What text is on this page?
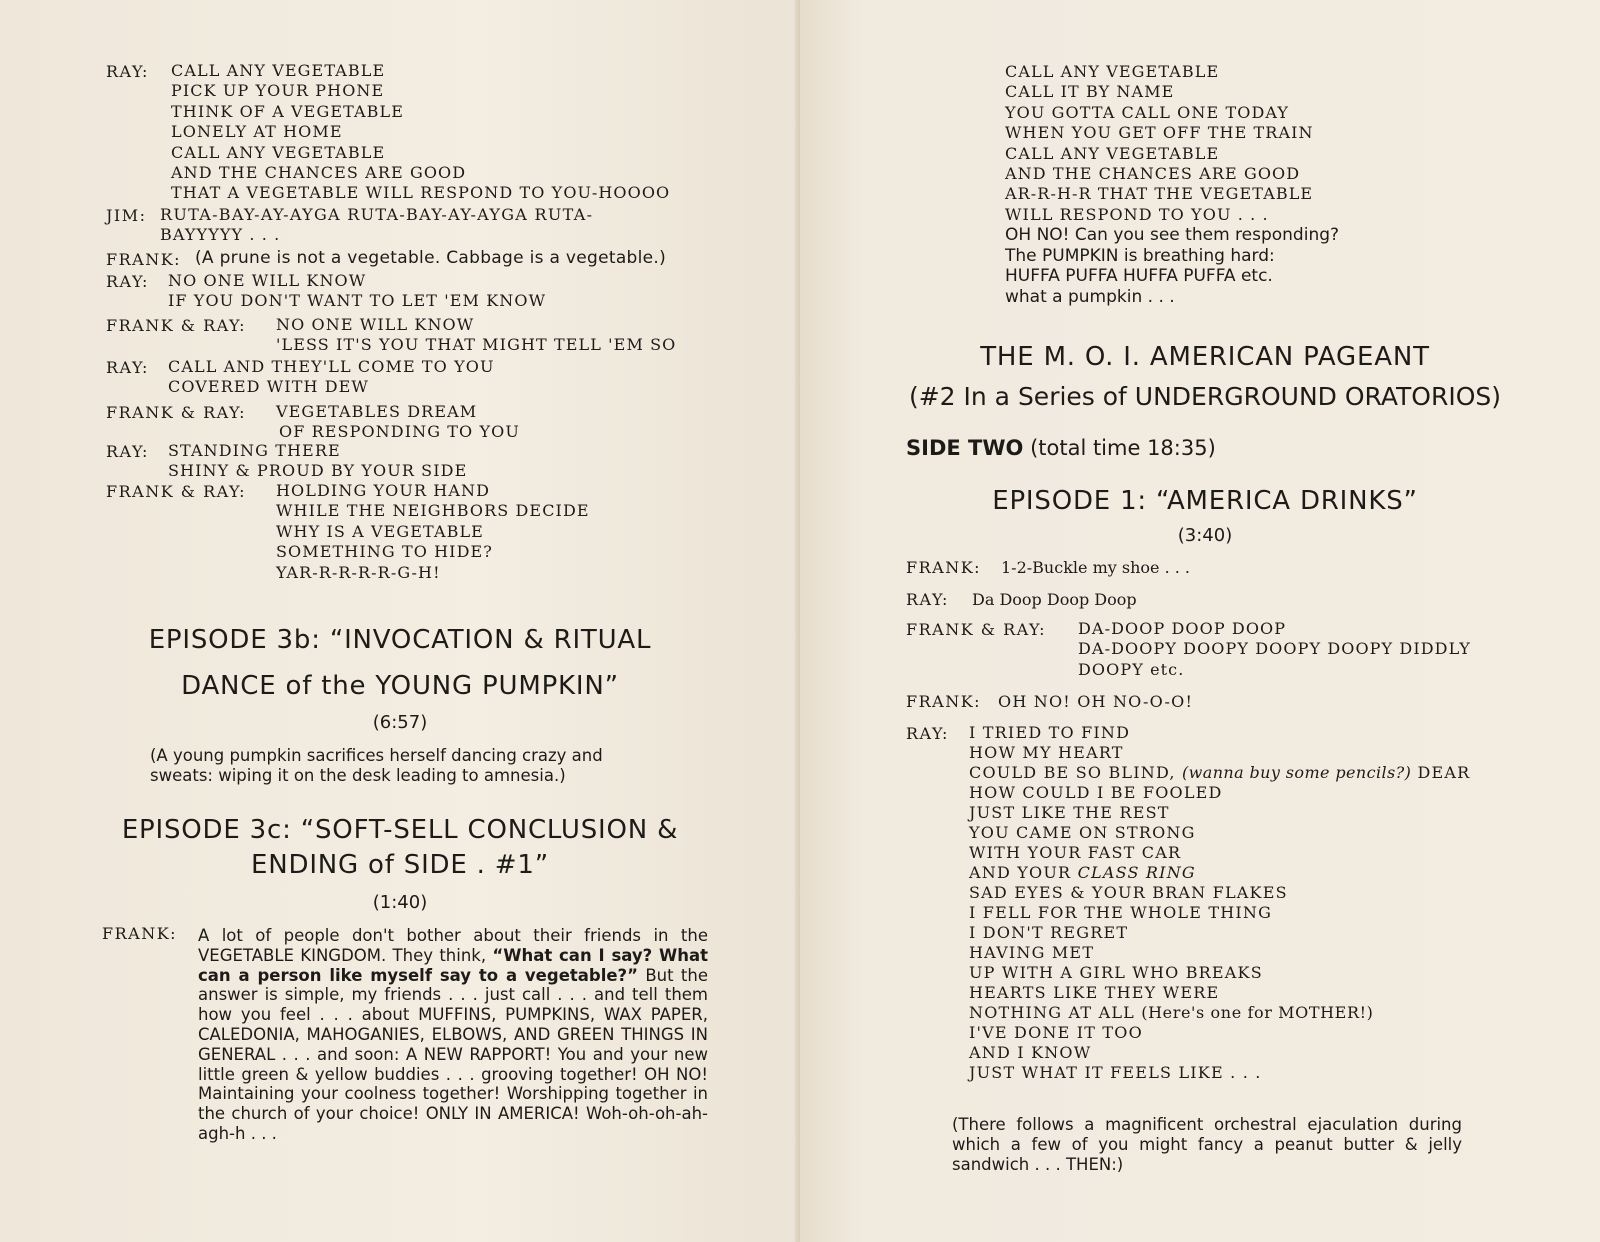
RAY: CALL ANY VEGETABLE
PICK UP YOUR PHONE
THINK OF A VEGETABLE
LONELY AT HOME
CALL ANY VEGETABLE
AND THE CHANCES ARE GOOD
THAT A VEGETABLE WILL RESPOND TO YOU-HOOOO
JIM: RUTA-BAY-AY-AYGA RUTA-BAY-AY-AYGA RUTA-
BAYYYYY . . .
FRANK: (A prune is not a vegetable. Cabbage is a vegetable.)
RAY: NO ONE WILL KNOW
IF YOU DON'T WANT TO LET 'EM KNOW
FRANK & RAY: NO ONE WILL KNOW
'LESS IT'S YOU THAT MIGHT TELL 'EM SO
RAY: CALL AND THEY'LL COME TO YOU
COVERED WITH DEW
FRANK & RAY: VEGETABLES DREAM
OF RESPONDING TO YOU
RAY: STANDING THERE
SHINY & PROUD BY YOUR SIDE
FRANK & RAY: HOLDING YOUR HAND
WHILE THE NEIGHBORS DECIDE
WHY IS A VEGETABLE
SOMETHING TO HIDE?
YAR-R-R-R-R-G-H!
EPISODE 3b: “INVOCATION & RITUAL
DANCE of the YOUNG PUMPKIN”
(6:57)
(A young pumpkin sacrifices herself dancing crazy and sweats: wiping it on the desk leading to amnesia.)
EPISODE 3c: “SOFT-SELL CONCLUSION &
ENDING of SIDE . #1”
(1:40)
FRANK: A lot of people don't bother about their friends in the VEGETABLE KINGDOM. They think, “What can I say? What can a person like myself say to a vegetable?” But the answer is simple, my friends . . . just call . . . and tell them how you feel . . . about MUFFINS, PUMPKINS, WAX PAPER, CALEDONIA, MAHOGANIES, ELBOWS, AND GREEN THINGS IN GENERAL . . . and soon: A NEW RAPPORT! You and your new little green & yellow buddies . . . grooving together! OH NO! Maintaining your coolness together! Worshipping together in the church of your choice! ONLY IN AMERICA! Woh-oh-oh-ah-agh-h . . .
CALL ANY VEGETABLE
CALL IT BY NAME
YOU GOTTA CALL ONE TODAY
WHEN YOU GET OFF THE TRAIN
CALL ANY VEGETABLE
AND THE CHANCES ARE GOOD
AR-R-H-R THAT THE VEGETABLE
WILL RESPOND TO YOU . . .
OH NO! Can you see them responding?
The PUMPKIN is breathing hard:
HUFFA PUFFA HUFFA PUFFA etc.
what a pumpkin . . .
THE M. O. I. AMERICAN PAGEANT
(#2 In a Series of UNDERGROUND ORATORIOS)
SIDE TWO (total time 18:35)
EPISODE 1: “AMERICA DRINKS”
(3:40)
FRANK: 1-2-Buckle my shoe . . .
RAY: Da Doop Doop Doop
FRANK & RAY: DA-DOOP DOOP DOOP
DA-DOOPY DOOPY DOOPY DOOPY DIDDLY
DOOPY etc.
FRANK: OH NO! OH NO-O-O!
RAY: I TRIED TO FIND
HOW MY HEART
COULD BE SO BLIND, (wanna buy some pencils?) DEAR
HOW COULD I BE FOOLED
JUST LIKE THE REST
YOU CAME ON STRONG
WITH YOUR FAST CAR
AND YOUR CLASS RING
SAD EYES & YOUR BRAN FLAKES
I FELL FOR THE WHOLE THING
I DON'T REGRET
HAVING MET
UP WITH A GIRL WHO BREAKS
HEARTS LIKE THEY WERE
NOTHING AT ALL (Here's one for MOTHER!)
I'VE DONE IT TOO
AND I KNOW
JUST WHAT IT FEELS LIKE . . .
(There follows a magnificent orchestral ejaculation during which a few of you might fancy a peanut butter & jelly sandwich . . . THEN:)
